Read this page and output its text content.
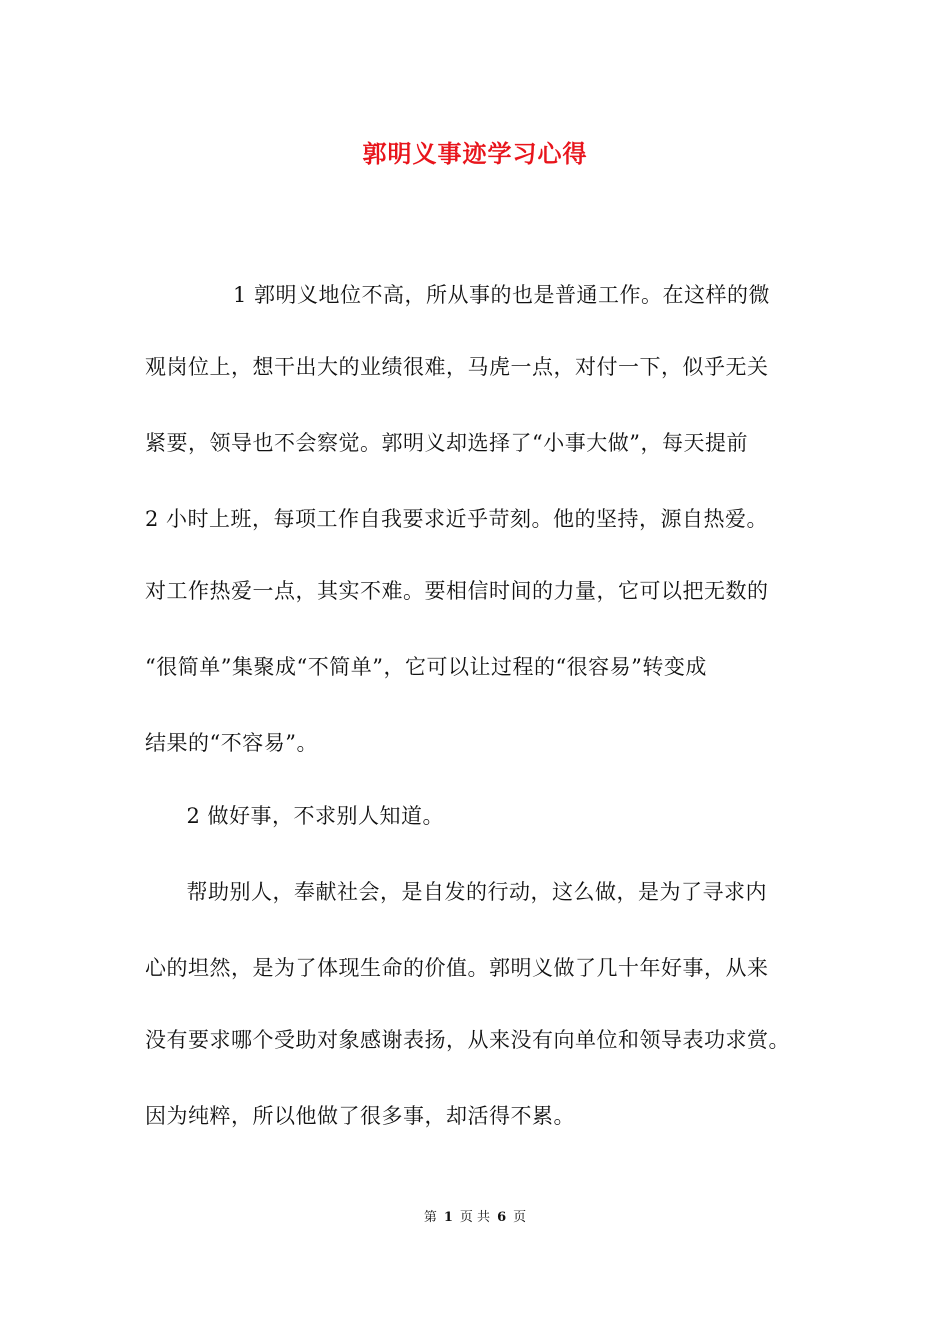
郭明义事迹学习心得
　　1 郭明义地位不高，所从事的也是普通工作。在这样的微
观岗位上，想干出大的业绩很难，马虎一点，对付一下，似乎无关
紧要，领导也不会察觉。郭明义却选择了“小事大做”，每天提前
2 小时上班，每项工作自我要求近乎苛刻。他的坚持，源自热爱。
对工作热爱一点，其实不难。要相信时间的力量，它可以把无数的
“很简单”集聚成“不简单”，它可以让过程的“很容易”转变成
结果的“不容易”。
　2 做好事，不求别人知道。
　帮助别人，奉献社会，是自发的行动，这么做，是为了寻求内
心的坦然，是为了体现生命的价值。郭明义做了几十年好事，从来
没有要求哪个受助对象感谢表扬，从来没有向单位和领导表功求赏。
因为纯粹，所以他做了很多事，却活得不累。
第 1 页 共 6 页
